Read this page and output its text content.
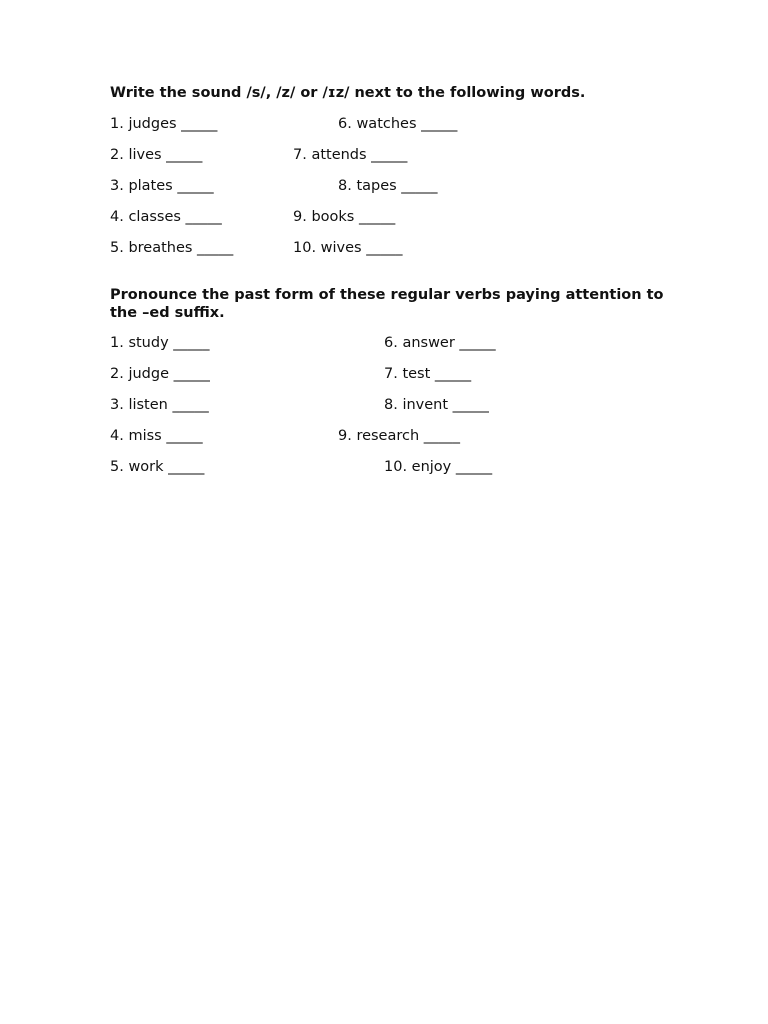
Write the sound /s/, /z/ or /ɪz/ next to the following words.

1. judges _____	6. watches _____
2. lives _____	7. attends _____
3. plates _____	8. tapes _____
4. classes _____	9. books _____
5. breathes _____	10. wives _____

Pronounce the past form of these regular verbs paying attention to the –ed suffix.

1. study _____	6. answer _____
2. judge _____	7. test _____
3. listen _____	8. invent _____
4. miss _____	9. research _____
5. work _____	10. enjoy _____
